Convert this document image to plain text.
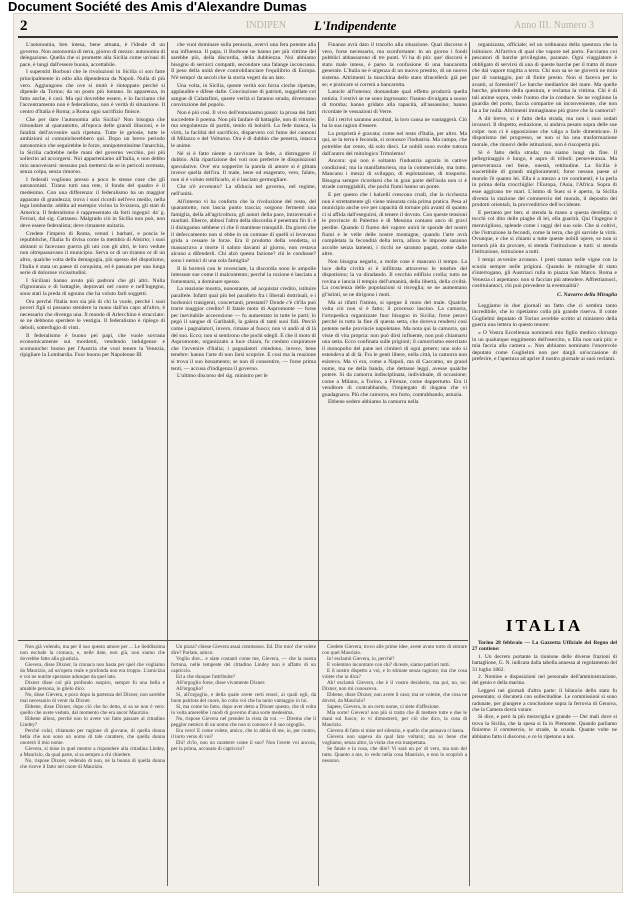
Document Société des Amis d'Alexandre Dumas
2	INDIPEN L'Indipendente	Anno III. Numero 3

L'autonomia, ben intesa, bene attuata, è l'ideale di un governo. Non autonomia di terra, giorno di mezzo: autonomia di delegazione. Quella che si promette alla Sicilia come un'oasi di pace, è lungi dall'essere buona, accettabile.

I superstiti Borboni che le rivoluzioni in Sicilia ci son fatte principalmente in odio alla dipendenza da Napoli. Nulla di più vero. Aggiungono che ove si mutò è rintoppato perché si dipende da Torino; da un posto più lontano. In apparenza, in fatto anche, è così. Ma qui dovrebbe essere, e lo facciamo ché l'accentramento non è federalismo, non è verità di situazione. Il centro d'Italia è Roma; a Roma ogni sacrifizio finisce.

Che per dare l'autonomia alla Sicilia? Non bisogna che rimondare al quarantotto, all'epoca delle grandi illusioni, e le fatalità dell'avvenire sarà ripetuta. Tutte le gelosie, tutte le ambizioni si comunicherebbero qui. Dopo un breve periodo autonomico che seguirebbe le forze, onnipotentissime l'anarchia, la Sicilia cadrebbe nelle mani del governo vecchio, poi più sollecito ad accorgersi. Noi apparteniamo all'Italia, e non debbo mio annoverarsi: nessuno può mettersi da se in pericoli scemata, senza colpa, senza rimorso.

I federali vogliono presso a poco le stesse cose che gli autonomisti. Tirano tutti una rete, il fondo del quadro è il medesimo. Con una differenza: il federalismo ha un maggior apparato di grandezza; trova i suoi ricordi nell'evo medio, nella lega lombarda: addita ad esempio vicino la Svizzera, gli stati di America. Il federalismo è rappresentato da forti ingegni: da' g. Ferrari, dal sig. Cattaneo. Malgrado ciò in Sicilia non può, non deve essere federalista; deve rimanere unitaria.

Credete l'impero di Roma, venuti i barbari, e poscia le repubbliche, l'Italia fu divisa come la membra di Absirto; i suoi abitanti si facevano guerra gli uni con gli altri, le loro vedute non oltrepassavano il municipio. Serva or di un tiranno or di un altro, qualche volta della demagogia, più spesso del dispotismo, l'Italia è stata un paese di conquista, ed è passata per una lunga serie di dolorose vicissitudini.

I Siciliani hanno avuto più padroni che gli altri. Nulla d'ignoranza e di battaglie, depravati nel cuore e nell'ingegno, sono stati la preda di ognuno che ha voluto farli soggetti.

Ora perché l'Italia non sia più di chi la vuole, perché i suoi poveri figli si possano stendere la mano dall'un capo all'altro, è necessario che divenga una. Il mondo di Arlecchino è stracciato: se ne debbono sperdere le vestigia. Il federalismo è ripiego di deboli, sotterfugio di vinti.

Il federalismo è buono pei papi, che vuole sovrana economicamente sui mordenti, vendendo indulgenze e scomuniche: buono per l'Austria che vuol tenere la Venezia, ripigliare la Lombardia. Fuor buono per Napoleone III

che vuol dominare sulla penisola, avervi una fera potente alla sua influenza. Il papa, il Borbone ne hanno per più vittime del sarebbe più, della discordia, della dubbiezza. Noi abbiamo bisogno di serrarci compatti, secondare una falange inconcussa. Il peso della unità deve controbilanciare l'equilibrio di Europa. N'è tempo! da secoli che la storia vegeti da un lato.

Una volta, in Sicilia, queste verità son forza cieche ripetute, applaudite e difese dalle. Convinzione di patrioti, suggellate col sangue di Calatafimi, queste verità si faranno strada, diverranno convinzione del popolo.

Non è più così. Il vivo dell'entusiasmo passò: la prosa dei fatti succedette il poema. Non più fanfare di battaglie, non di vittorie; ma sregolatezza di partiti, tendo di bolsirli. La fede manca, la virtù, la facilità del sacrificio, disparvero col fumo dei cannoni di Milazzo e del Volturno. Ora è di dubbio che penetra, intacca le anime.

Né si è fatto niente a ravvivare la fede, a distruggere il dubbio. Alla ripartizione dei voti non preferire le disquisizioni speculative. Ove' era sopperire la parola di amore si è gittata invece quella dell'ira. Il male, bene od esagerato, vero, falato, non si è voluto rettificarlo, si è lasciato germogliare.

Che n'è avvenuto? La sfiducia nel governo, nel regime, nell'unità.

All'interno vi ha conforto che la rivoluzione del resto, del quarantotto, non lascia punto traccia; sorgono fermenti una famiglia, della all'agricoltura, gli autori della pace, intraversati e maritati. Eberce, abbosi l'altra della discordia è penetrata fin lì: è il disinganno sebbene ci che lì mantiene tranquilli. Da giorni che il defeccamento non si ebbe in un comune di quelli si levavano grida a cessare le forze. Era il prodotto della vendetta, si massacrava a morte il saluto davanti al giorno, non restava alcuno a difenderli. Chi alzò questa fazione? chi le condusse? sono i nemici di una sola famiglia?

Il là borrerà con le rovesciate, la discordia sono le ampolle intessute sue come il malcontento; perché la rozione è lasciata a fomentarsi, a dominare spesso.

La reazione mostra, nonostante, ad acquistar credito, istituire parallele. Infatti qual più bel parallelo fra i liberali dottrinali, e i borbonici trasigenti, concertanti, prestanti? Donde c'è ch'lla può trarre maggior credito? Il fatale moto di Aspromonte — forse per inevitabile accecezione — fu aumentato in tutte le parti; lo pegò il sangue di Garibaldi, la galera di tanti suoi fidi. Perciò come i pagnalatori, invero, rimane al fuoco; non vi andò al di là del suo. Ecco; non si sentirono che pochi sdegli. E che il moto di Aspromonte, organizzato a luce chiara, fu creduto cospiratore che l'avvenire d'Italia; i pagnalatori chiedono, invece, bene tenebre: hanno l'arte di non farsi scoprire. E così ma la reazione si trova il suo bonamento; se non di consentire, — forse prima tenti, — accusa d'indigenza il governo.

L'ultimo discorso del sig. ministro per le

Finanze avrà dato il tracollo alla situazione. Qual discorso è vero, forse necessario, ma sconfortante: in un giorno i fondi pubblici abbassarono di tre punti. Vi ha di più: que' discorsi è stato male inteso, è parso la confusione di una bancarotta generale. L'Italia ne è urgenza di un nuovo prestito, di un nuovo sistema. Altrimenti la macchina dello stato sfracellerà: già per se; e praticare si correrà a bancarotta.

Lanicle all'interno; domandate qual effetto produrrà quella notizia. I restivi se ne sono ingrossato: l'hanno divulgata a suono di tromba; hanno gridato alla rapacità, all'assassino; hanno ricordate le vessazioni di Verre.

Ed i retrivi saranno ascoltati, la loro causa ne vantaggerà. Ciò ha la sua ragion d'essere.

La proprietà è gravata; come nel resto d'Italia, per altro. Ma qui, se la terra è feconda, si sconosce l'industria. Ma campo, che potrebbe dar cento, dà solo dieci. Le nobili sono svolte tuttora dall'aratro del mitologico Trittolemo!

Ancora: qui non è soltanto l'industria agraria in cattive condizioni; ma la manifatturiera, ma la commerciale, ma tutto. Mancano i mezzi di sviluppo, di esplotazione, di trasporto. Bisogna sempre ricordarsi che in gran parte dell'isola non ci è strade carreggiabili, che pochi fiumi hanno un ponte.

E per questo che i balzelli crescono crudi, che la ricchezza non è strettamente gli viene misurata cola prima pratica. Pesa al municipio anche ove per capacità di tornare più avanti di quanto ci si affida dall'eseguirsi, di tenere il dovuto. Con queste tensioni le provincie di Palermo e di Messina contano anco di gravi perdite. Quando il fiumo del vapore unirà le sponde del nostri fiumi e le velle delle nostre montagne, quando l'arte avrà completata la fecondità della terra, allora le imposte saranno accolte senza lamenti, i ricchi ne saranno pagati, come dalle altre.

Non bisogna negarlo, a molte cose è mancato il tempo. La luce della civiltà si è infiltrata attraverso le tenebre del dispotismo; la va diradando. Il vecchio edifizio crolla; tutto ne rovina e lancia il tempio dell'umanità, della libertà, della civiltà. La coscienza delle popolazioni si risveglia; se ne aumentano gl'istinti, se ne dirigono i moti.

Ma ai rifatti l'istinto, si spegne il moto del male. Qualche volta ciò non si è fatto; il processo lascino. La camorra, l'ortopedica organizzate fuor bisogno in Sicilia; forse peravi perché in tutto la fine di questa setta, che doveva rendersi così potente nelle provincie napoletane. Ma nota qui la camorra, qui visse di vita propria: non può dirsi influente, non può chiamarsi una setta. Ecco confinata sulle prigioni; il camorrismo esercitato il monopolio del pane nei cimiteri di ogni genere; uno solo si estendeva al di là. Fra le genti libere, nella città, la camorra non esisteva. Ma vi era, come a Napoli, ma di Caccamo, un grand nome, ma ne della banda, che dettasse leggi, avesse qualche potere. Si da camorra indisciplinata, individuale, di occasione; come a Milano, a Torino, a Firenze, come dappertutto. Era il venditore di contrabbando, l'impiegato di dogana che vi guadagnava. Più che camorra, era furto, contrabbando, astuzia.

Ebbene sedere abbiamo la camorra nella

organizzata, officiale; ed un ordinanza della questura che la istituisce. All'arrivo di qual che vapore nel porto. Facciamo coi pescatori di barche privilegiate, paranze. Ogni viaggiatore è obbligato di servirsi di una di queste barche per il tratto di mare che dal vapore tragitta a terra. Chi non sa se ne gioverà ne mira pur di vantaggio, pur di finire presto. Non si faceva per lo avanti, ai forestieri? Le barche mediatrice del mare. Ma quelle barche, piuttosto della questura, e reclama la vittima. Chi è di tali anime sopra, vede l'uomo che la conduce. Se ne vogliono la guardia del porto, faccia comparire un inconveniente, che non ha a far nulla. Altrimenti immaginano più grave che la camorra?

A dir breve, si è fatto della strada, ma non i suoi sodati invasori. Il dispetto, esitazione, si andava pesato sopra delle sue colpe: non ci è opposizione che valga a farle dimenticare. Il dispotismo del progresso, se non si ha una trasformazione morale, che rinnovi delle istituzioni, non è riscoperta più.

Si è fatto della strada; ma siamo lungi da fine. Il pellegrinaggio è lungo, è aspro di triboli: perseveranza. Ma perseveranza nel bene, onestà, rettitudine. La Sicilia è suscettibile di grandi miglioramenti; forse nessun paese al mondo l'è quanto lei. Ella è a mezzo a tre continenti; è la perla in prima della crocchiglie: l'Europa, l'Asia, l'Africa. Sopra di esse aggirano tre mari. L'istmo di Suez si è aperto, la Sicilia diventa la stazione del commercio del mondo, il deposito dei prodotti orientali, la provveditrice dell'occidente.

E pertanto per ben; si stenda la mano a questa derelitta; si tocchi col dito delle piaghe di lei, ella guarirà. Qui l'ingegno è meraviglioso, splende come i raggi del suo sole. Che si coltivi, che l'istruzione la fecondi, come la terra, che gli sarvide la virtù. Ovunque, e che si chiami a tutte queste nobili opere, se non si tornerà più da provare, si stenda l'istituzione a tutti: si stenda l'istituzione, istituzione a tutti.

I tempi avvenire avranno. I preti stanno nelle vigne con la scuola sempre nelle prigioni. Quando le mitraglie di stato s'interrogano, gli Austriaci rulla in piazza San Marco. Roma e Venezia ci aspettano: non si faccian più attendere. Affrettiamoci, costituiamoci, chi può prevedere la eventualità?

C. Navarro della Miraglia

Leggiamo in due giornali un fatto che ci sembra tanto incredibile, che lo ripetiamo colla più grande riserva. Il conte Guglielmi deputato di Torino avrebbe scritto al ministero della guerra una lettera in questo tenore:

« O Vostra Eccellenza nominerà mio figlio medico chirurgo in un qualunque reggimento dell'esercito, o Ella non sarà più; e mia faccia alla camera ». Non abbiamo nominato l'onorevole deputato come Guglielmi non per dargli un'occasione di preferire, e l'apertura ad aprire il nostro giornale ai suoi reclami.

Non già volendo, ma per il suo questo amore per ... Le lieddissima non esclude la cronaca, e, nelle date, non già, non siamo che dovrebbe fatto alla giustizia.

Gievera, disse Dixner, la cronaca non basta per quel che vogliamo da Maurizio, ad un'opera reale e profonda non era troppo. L'amicizia e voi ne nutrite speranze adunque da quel lato.

Dixner disse col più profondo sospiro, sempre fu una bella e amabile persona, io glielo dico.

No, disse Gievera, e poco dopo la partenza del Dixner, non sarebbe mai necessario di venir da Dixner.

Ebbene, disse Dixner, dopo ciò che ho detto, si sa se non è vero: quello che avete veduto, dal momento che era ancor Maurizio.

Ebbene allora, perché non lo avete voi fatto passare al cittadino Lindey?

Perché colui, chiamato per ragione di giovane, di quella donna bella che non sono un uomo di tale carattere, che quella donna onorerò il mio nome.

Gievera, si mise in quel mentre a rispondere alla cittadina Lindey, a Maurizio, da qual parte, si sa sempre a chi chiedere.

No, rispose Dixner, vedendo di non, né la buona di quella donna che riceve il fatto nel cuore di Maurizio.

Un pizza? chiese Gievera assai commosso. Ed. Dio mio! che volete dire? Parlate, amico.

Voglio dire... e siate costanti come me, Gievera, — che la nostra fortuna, nelle tempeste del cittadino Lindey non è affatto di un capriccio.

Ed a che dunque l'attribuite?

All'orgoglio forse, disse vivamente Dixner.

All'orgoglio?

Sì, all'orgoglio, e della quale avete certi tesori, ai quali egli, da buon patriota del cuore, ho colto voi che ha tanto vantaggio in lui.

Sì, ma come ho fatto, dopo aver detto a Dixner questo, che di volta in volta amerebbe i modi di governo d'una sorte medesima.

No, rispose Gievera nel prender la vista da voi. — Diremo che il peggior nemico di un uomo che non si conosce è il suo orgoglio.

Era vero! E come volete, amico, che io abbia di me, io, per contro, il torto verso di voi?

Ehi! ch'io, non un carattere come il suo? Non l'avete voi ancora, per la prima, accusato di capriccio?

Credete Gievera, trovo alle prime idee, avete avuto torto di entrare con quel Maurizio.

Io! esclamò Gievera, io, perché?

E volemmo incontrare con chi? diceste, siamo patrioti tutti.

E il nostro dispetto a voi, e lo stimate senza ragione; ma che cosa volete che io dica?

Ah! esclamò Gievera, che è il vostro desiderio, ma poi, no, no: Dixner, non mi conosceva.

Ebbene, disse Dixner, non avete il caso; ma se voleste, che cosa ne dovrei, da Maurizio?

Sapete, Gievera, in un certo nome, ci siete d'affezione.

Mia sorte! Gievera! non più si tratta che di mettere tutte e due le mani sul fuoco; io vi dimostrerò, per ciò che dico, la cosa di Maurizio.

Gievera di fatto si mise nel silenzio, e quello che pensava ci basta.

Gievera non sapeva da qual lato voltarsi; ma so bene che vogliamo, senza altro, la visita che era inaspettata.

Se fatale e la cosa, che dite? Vi sarà un po' di vero, ma non del tutto. Quanto a me, io vedo nella cosa Maurizio, e non lo scoprirò a nessuno.

ITALIA

Torino 28 febbraio — La Gazzetta Ufficiale del Regno del 27 contiene:

1. Un decreto portante la riunione delle diverse frazioni di battaglione, G. N. indicata dalla tabella annessa al regolamento del 31 luglio 1862.

2. Nomine e disposizioni nel personale dell'amministrazione, del genio e della marina.

Leggesi nei giornali d'altra parte: il bilancio dello stato fu presentato; si discuterà con sollecitudine. Le commissioni si sono radunate, per giungere a conclusione sopra la ferrovia di Genova, che la Camera dovrà votare.

Si dice, e però la più meraviglia e grande — Dei mali dove si trova la Sicilia, che la spesa si fa in Piemonte. Quando parliamo finiremo il commercio, le strade, la scuola. Quante volte ne abbiamo fatto il discorso, e ce lo ripetono a noi.
